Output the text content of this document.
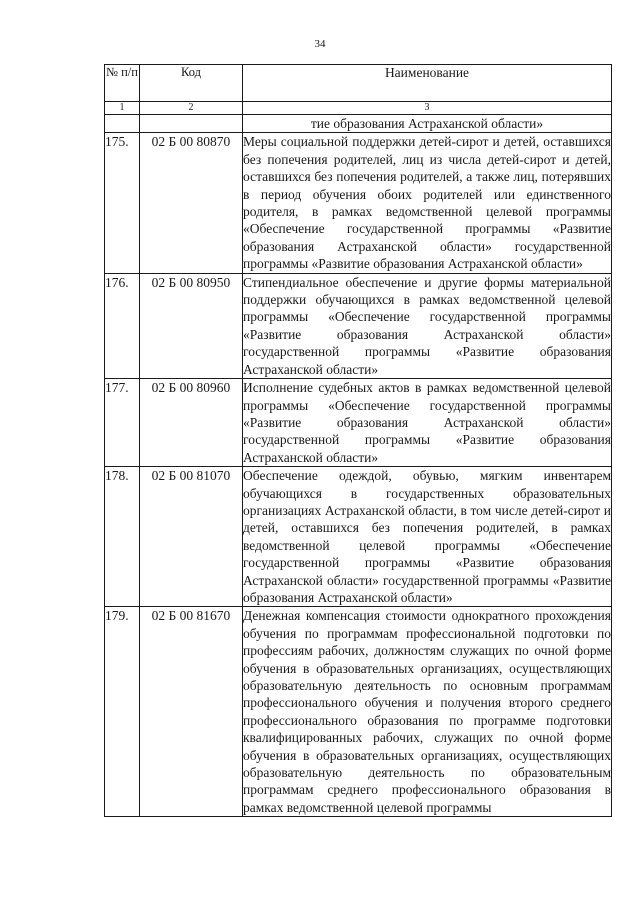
34
№ п/п	Код	Наименование
1	2	3
		тие образования Астраханской области»
175.	02 Б 00 80870	Меры социальной поддержки детей-сирот и детей, оставшихся без попечения родителей, лиц из числа детей-сирот и детей, оставшихся без попечения родителей, а также лиц, потерявших в период обучения обоих родителей или единственного родителя, в рамках ведомственной целевой программы «Обеспечение государственной программы «Развитие образования Астраханской области» государственной программы «Развитие образования Астраханской области»
176.	02 Б 00 80950	Стипендиальное обеспечение и другие формы материальной поддержки обучающихся в рамках ведомственной целевой программы «Обеспечение государственной программы «Развитие образования Астраханской области» государственной программы «Развитие образования Астраханской области»
177.	02 Б 00 80960	Исполнение судебных актов в рамках ведомственной целевой программы «Обеспечение государственной программы «Развитие образования Астраханской области» государственной программы «Развитие образования Астраханской области»
178.	02 Б 00 81070	Обеспечение одеждой, обувью, мягким инвентарем обучающихся в государственных образовательных организациях Астраханской области, в том числе детей-сирот и детей, оставшихся без попечения родителей, в рамках ведомственной целевой программы «Обеспечение государственной программы «Развитие образования Астраханской области» государственной программы «Развитие образования Астраханской области»
179.	02 Б 00 81670	Денежная компенсация стоимости однократного прохождения обучения по программам профессиональной подготовки по профессиям рабочих, должностям служащих по очной форме обучения в образовательных организациях, осуществляющих образовательную деятельность по основным программам профессионального обучения и получения второго среднего профессионального образования по программе подготовки квалифицированных рабочих, служащих по очной форме обучения в образовательных организациях, осуществляющих образовательную деятельность по образовательным программам среднего профессионального образования в рамках ведомственной целевой программы
